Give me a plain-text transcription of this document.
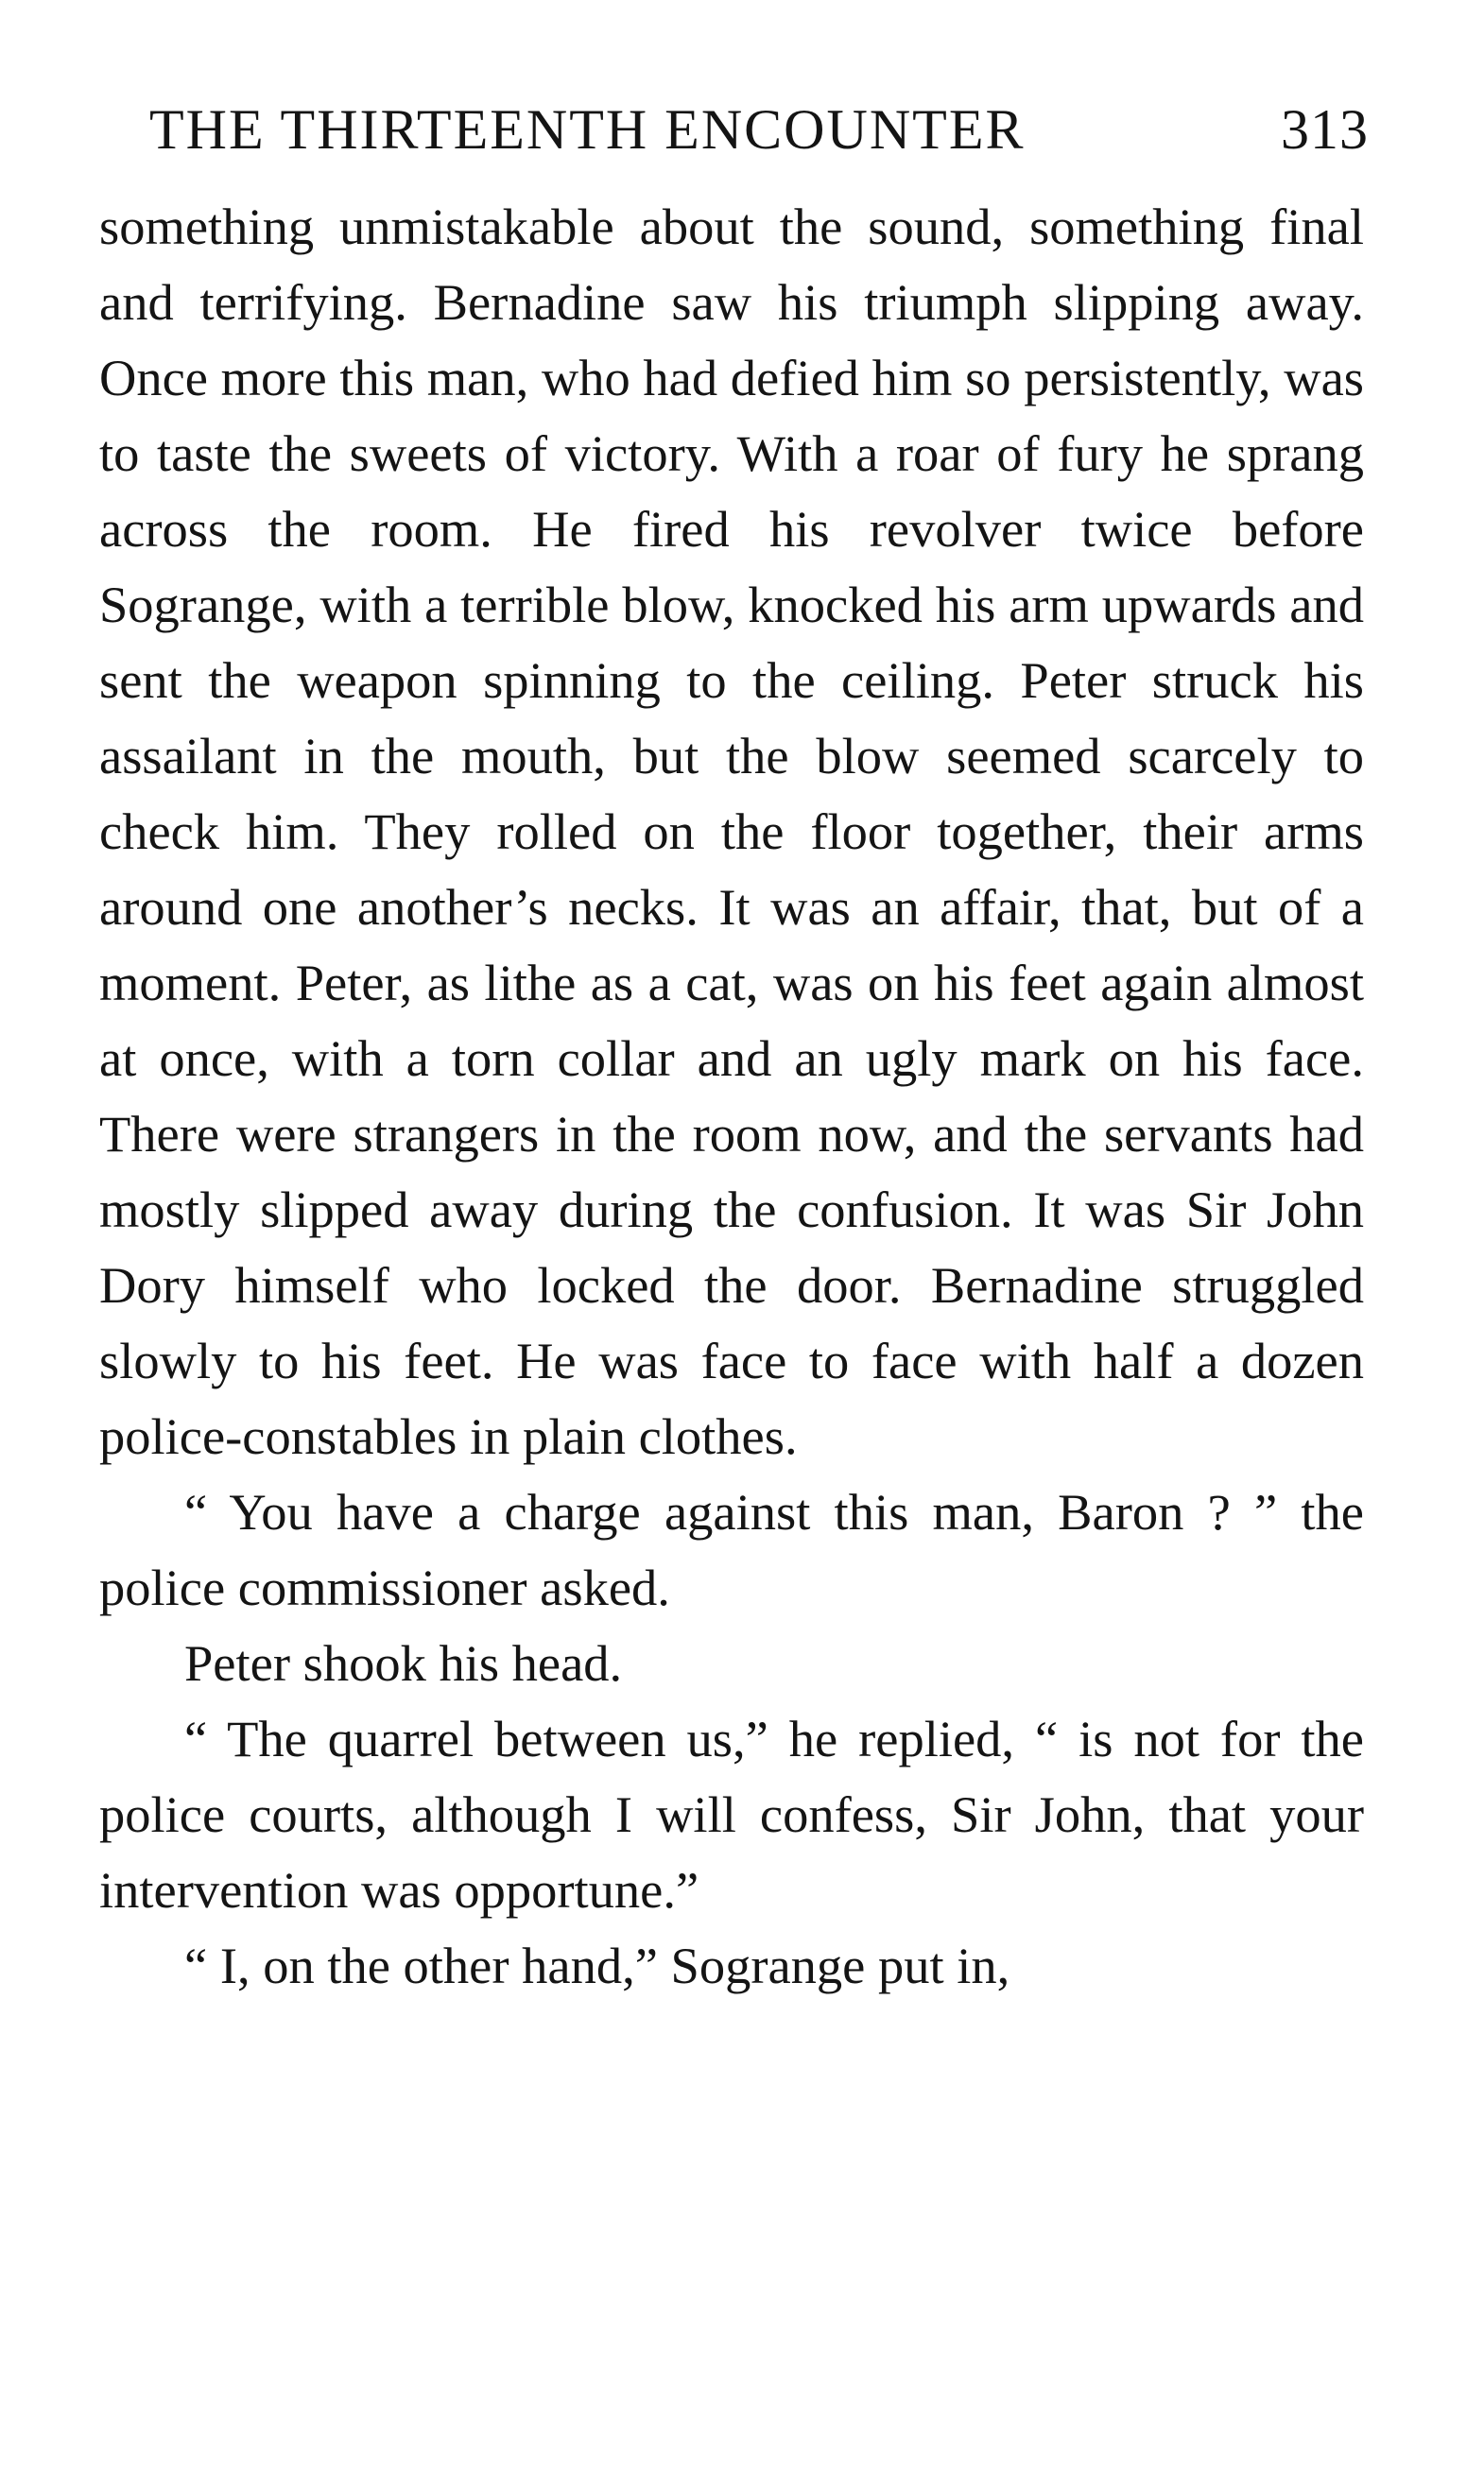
THE THIRTEENTH ENCOUNTER	313

something unmistakable about the sound, something final and terrifying. Bernadine saw his triumph slipping away. Once more this man, who had defied him so persistently, was to taste the sweets of victory. With a roar of fury he sprang across the room. He fired his revolver twice before Sogrange, with a terrible blow, knocked his arm upwards and sent the weapon spinning to the ceiling. Peter struck his assailant in the mouth, but the blow seemed scarcely to check him. They rolled on the floor together, their arms around one another’s necks. It was an affair, that, but of a moment. Peter, as lithe as a cat, was on his feet again almost at once, with a torn collar and an ugly mark on his face. There were strangers in the room now, and the servants had mostly slipped away during the confusion. It was Sir John Dory himself who locked the door. Bernadine struggled slowly to his feet. He was face to face with half a dozen police-constables in plain clothes.

“ You have a charge against this man, Baron ? ” the police commissioner asked.

Peter shook his head.

“ The quarrel between us,” he replied, “ is not for the police courts, although I will confess, Sir John, that your intervention was opportune.”

“ I, on the other hand,” Sogrange put in,
